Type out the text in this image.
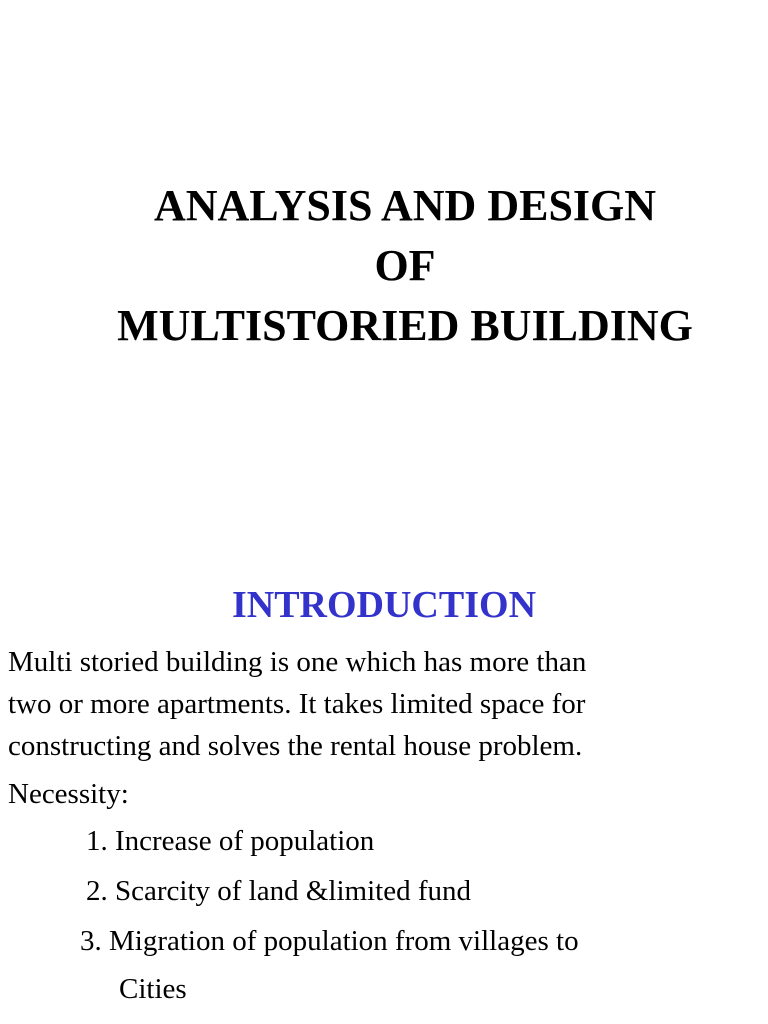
ANALYSIS AND DESIGN
OF
MULTISTORIED BUILDING
INTRODUCTION

Multi storied building is one which has more than
two or more apartments. It takes limited space for
constructing and solves the rental house problem.

Necessity:
1. Increase of population
2. Scarcity of land &limited fund
3. Migration of population from villages to
Cities
